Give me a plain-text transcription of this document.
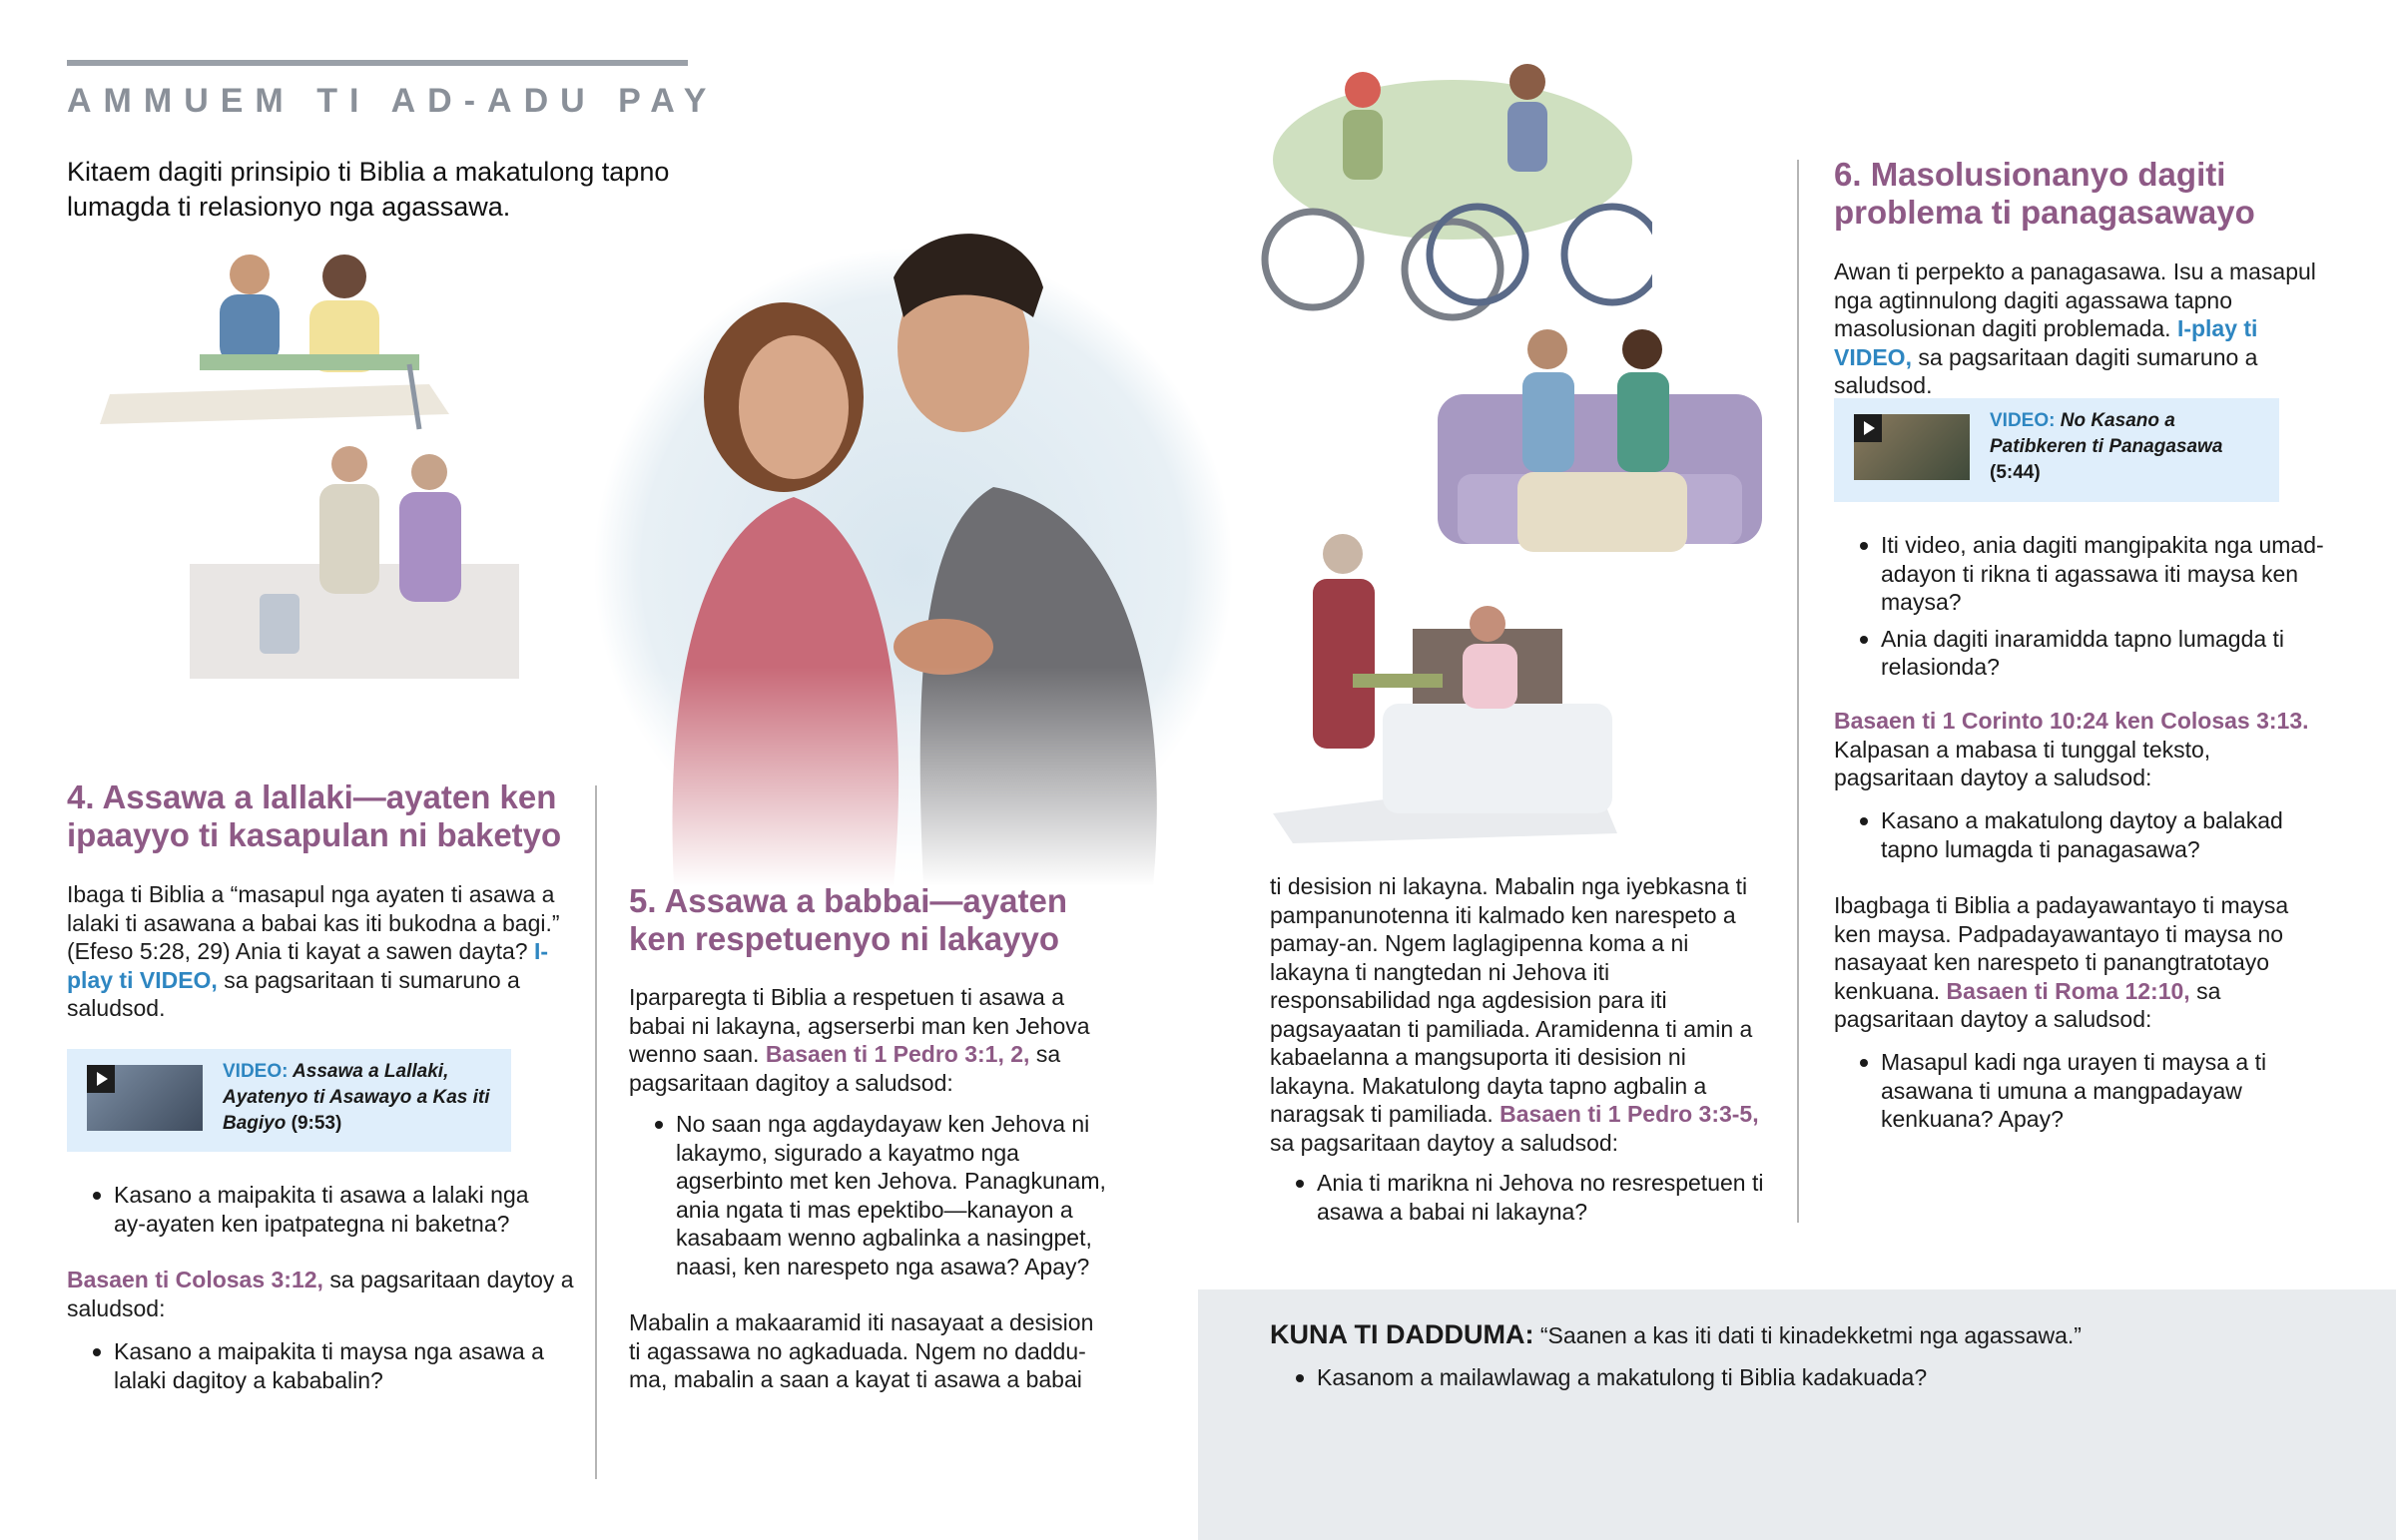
AMMUEM TI AD-ADU PAY
Kitaem dagiti prinsipio ti Biblia a makatulong tapno lumagda ti relasionyo nga agassawa.
4. Assawa a lallaki—ayaten ken ipaayyo ti kasapulan ni baketyo
Ibaga ti Biblia a “masapul nga ayaten ti asawa a lalaki ti asawana a babai kas iti bukodna a bagi.” (Efeso 5:28, 29) Ania ti kayat a sawen dayta? I-play ti VIDEO, sa pagsaritaan ti sumaruno a saludsod.
VIDEO: Assawa a Lallaki, Ayatenyo ti Asawayo a Kas iti Bagiyo (9:53)
Kasano a maipakita ti asawa a lalaki nga ay-ayaten ken ipatpategna ni baketna?
Basaen ti Colosas 3:12, sa pagsaritaan daytoy a saludsod:
Kasano a maipakita ti maysa nga asawa a lalaki dagitoy a kababalin?
5. Assawa a babbai—ayaten ken respetuenyo ni lakayyo
Iparparegta ti Biblia a respetuen ti asawa a babai ni lakayna, agserserbi man ken Jehova wenno saan. Basaen ti 1 Pedro 3:1, 2, sa pagsaritaan dagitoy a saludsod:
No saan nga agdaydayaw ken Jehova ni lakaymo, sigurado a kayatmo nga agserbinto met ken Jehova. Panagkunam, ania ngata ti mas epektibo—kanayon a kasabaam wenno agbalinka a nasingpet, naasi, ken narespeto nga asawa? Apay?
Mabalin a makaaramid iti nasayaat a desision ti agassawa no agkaduada. Ngem no daddu-ma, mabalin a saan a kayat ti asawa a babai
ti desision ni lakayna. Mabalin nga iyebkasna ti pampanunotenna iti kalmado ken narespeto a pamay-an. Ngem laglagipenna koma a ni lakayna ti nangtedan ni Jehova iti responsabilidad nga agdesision para iti pagsayaatan ti pamiliada. Aramidenna ti amin a kabaelanna a mangsuporta iti desision ni lakayna. Makatulong dayta tapno agbalin a naragsak ti pamiliada. Basaen ti 1 Pedro 3:3-5, sa pagsaritaan daytoy a saludsod:
Ania ti marikna ni Jehova no resrespetuen ti asawa a babai ni lakayna?
6. Masolusionanyo dagiti problema ti panagasawayo
Awan ti perpekto a panagasawa. Isu a masapul nga agtinnulong dagiti agassawa tapno masolusionan dagiti problemada. I-play ti VIDEO, sa pagsaritaan dagiti sumaruno a saludsod.
VIDEO: No Kasano a Patibkeren ti Panagasawa (5:44)
Iti video, ania dagiti mangipakita nga umad-adayon ti rikna ti agassawa iti maysa ken maysa?
Ania dagiti inaramidda tapno lumagda ti relasionda?
Basaen ti 1 Corinto 10:24 ken Colosas 3:13. Kalpasan a mabasa ti tunggal teksto, pagsaritaan daytoy a saludsod:
Kasano a makatulong daytoy a balakad tapno lumagda ti panagasawa?
Ibagbaga ti Biblia a padayawantayo ti maysa ken maysa. Padpadayawantayo ti maysa no nasayaat ken narespeto ti panangtratotayo kenkuana. Basaen ti Roma 12:10, sa pagsaritaan daytoy a saludsod:
Masapul kadi nga urayen ti maysa a ti asawana ti umuna a mangpadayaw kenkuana? Apay?
KUNA TI DADDUMA: “Saanen a kas iti dati ti kinadekketmi nga agassawa.”
Kasanom a mailawlawag a makatulong ti Biblia kadakuada?
